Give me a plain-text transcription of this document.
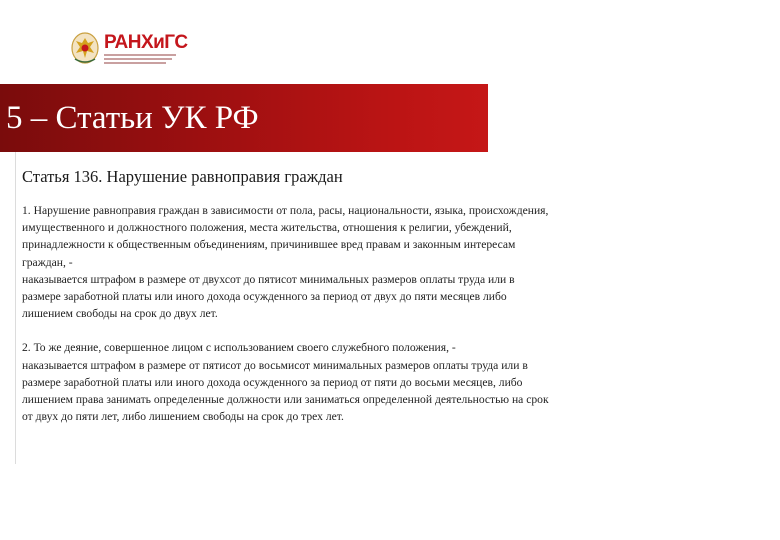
РАНХиГС
5 – Статьи УК РФ
Статья 136. Нарушение равноправия граждан

1. Нарушение равноправия граждан в зависимости от пола, расы, национальности, языка, происхождения,
имущественного и должностного положения, места жительства, отношения к религии, убеждений,
принадлежности к общественным объединениям, причинившее вред правам и законным интересам
граждан, -
наказывается штрафом в размере от двухсот до пятисот минимальных размеров оплаты труда или в
размере заработной платы или иного дохода осужденного за период от двух до пяти месяцев либо
лишением свободы на срок до двух лет.

2. То же деяние, совершенное лицом с использованием своего служебного положения, -
наказывается штрафом в размере от пятисот до восьмисот минимальных размеров оплаты труда или в
размере заработной платы или иного дохода осужденного за период от пяти до восьми месяцев, либо
лишением права занимать определенные должности или заниматься определенной деятельностью на срок
от двух до пяти лет, либо лишением свободы на срок до трех лет.
